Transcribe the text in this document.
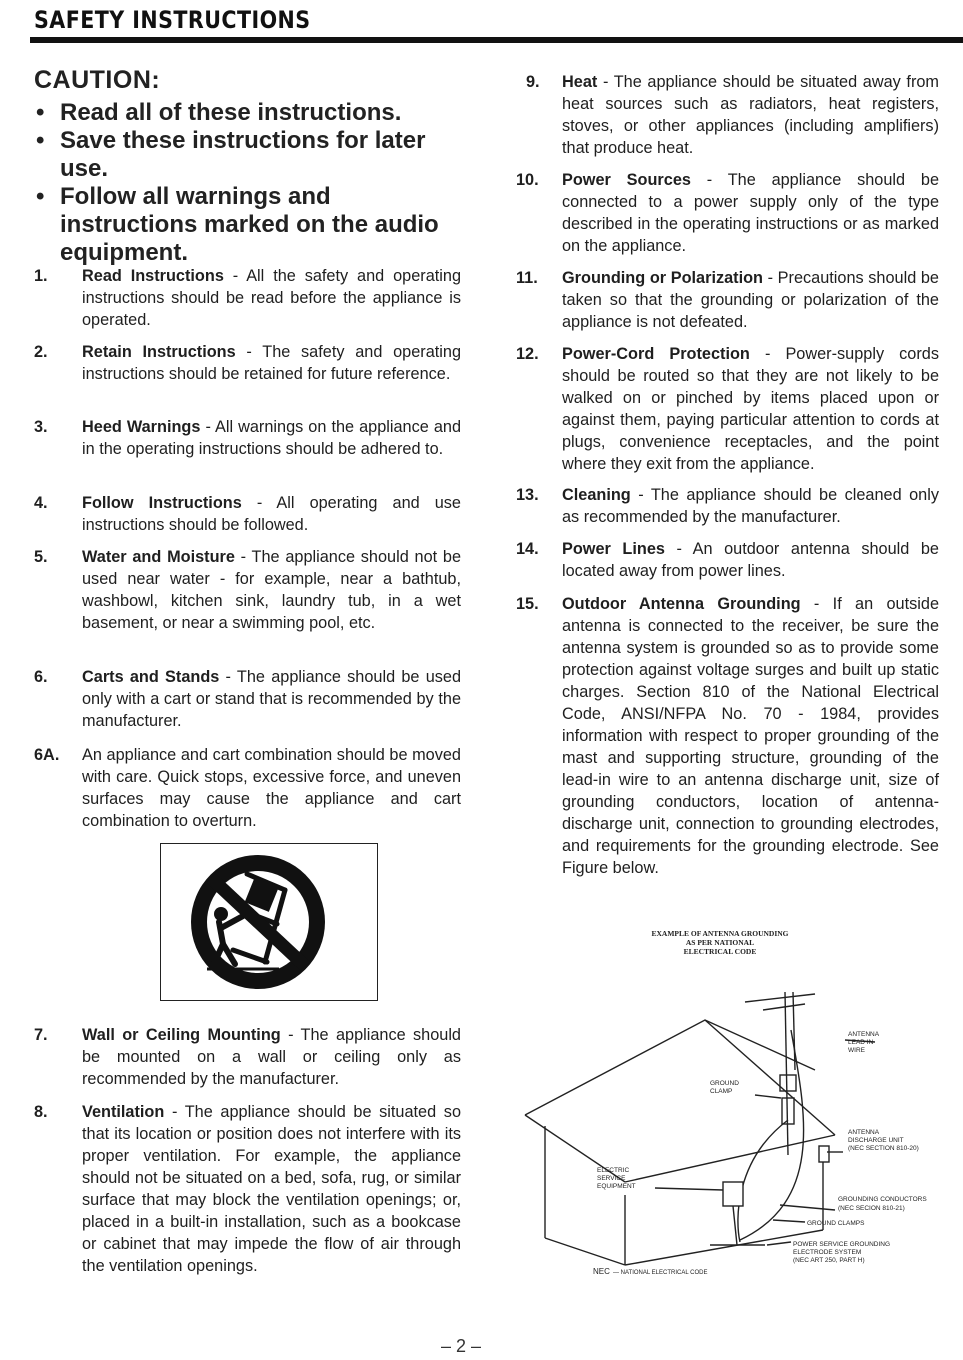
SAFETY INSTRUCTIONS
CAUTION:
• Read all of these instructions.
• Save these instructions for later use.
• Follow all warnings and instructions marked on the audio equipment.
1. Read Instructions - All the safety and operating instructions should be read before the appliance is operated.
2. Retain Instructions - The safety and operating instructions should be retained for future reference.
3. Heed Warnings - All warnings on the appliance and in the operating instructions should be adhered to.
4. Follow Instructions - All operating and use instructions should be followed.
5. Water and Moisture - The appliance should not be used near water - for example, near a bathtub, washbowl, kitchen sink, laundry tub, in a wet basement, or near a swimming pool, etc.
6. Carts and Stands - The appliance should be used only with a cart or stand that is recommended by the manufacturer.
6A. An appliance and cart combination should be moved with care. Quick stops, excessive force, and uneven surfaces may cause the appliance and cart combination to overturn.
7. Wall or Ceiling Mounting - The appliance should be mounted on a wall or ceiling only as recommended by the manufacturer.
8. Ventilation - The appliance should be situated so that its location or position does not interfere with its proper ventilation. For example, the appliance should not be situated on a bed, sofa, rug, or similar surface that may block the ventilation openings; or, placed in a built-in installation, such as a bookcase or cabinet that may impede the flow of air through the ventilation openings.
9. Heat - The appliance should be situated away from heat sources such as radiators, heat registers, stoves, or other appliances (including amplifiers) that produce heat.
10. Power Sources - The appliance should be connected to a power supply only of the type described in the operating instructions or as marked on the appliance.
11. Grounding or Polarization - Precautions should be taken so that the grounding or polarization of the appliance is not defeated.
12. Power-Cord Protection - Power-supply cords should be routed so that they are not likely to be walked on or pinched by items placed upon or against them, paying particular attention to cords at plugs, convenience receptacles, and the point where they exit from the appliance.
13. Cleaning - The appliance should be cleaned only as recommended by the manufacturer.
14. Power Lines - An outdoor antenna should be located away from power lines.
15. Outdoor Antenna Grounding - If an outside antenna is connected to the receiver, be sure the antenna system is grounded so as to provide some protection against voltage surges and built up static charges. Section 810 of the National Electrical Code, ANSI/NFPA No. 70 - 1984, provides information with respect to proper grounding of the mast and supporting structure, grounding of the lead-in wire to an antenna discharge unit, size of grounding conductors, location of antenna-discharge unit, connection to grounding electrodes, and requirements for the grounding electrode. See Figure below.
EXAMPLE OF ANTENNA GROUNDING
AS PER NATIONAL
ELECTRICAL CODE
ANTENNA
LEAD IN
WIRE
GROUND
CLAMP
ANTENNA
DISCHARGE UNIT
(NEC SECTION 810-20)
ELECTRIC
SERVICE
EQUIPMENT
GROUNDING CONDUCTORS
(NEC SECION 810-21)
GROUND CLAMPS
POWER SERVICE GROUNDING
ELECTRODE SYSTEM
(NEC ART 250, PART H)
NEC — NATIONAL ELECTRICAL CODE
– 2 –
